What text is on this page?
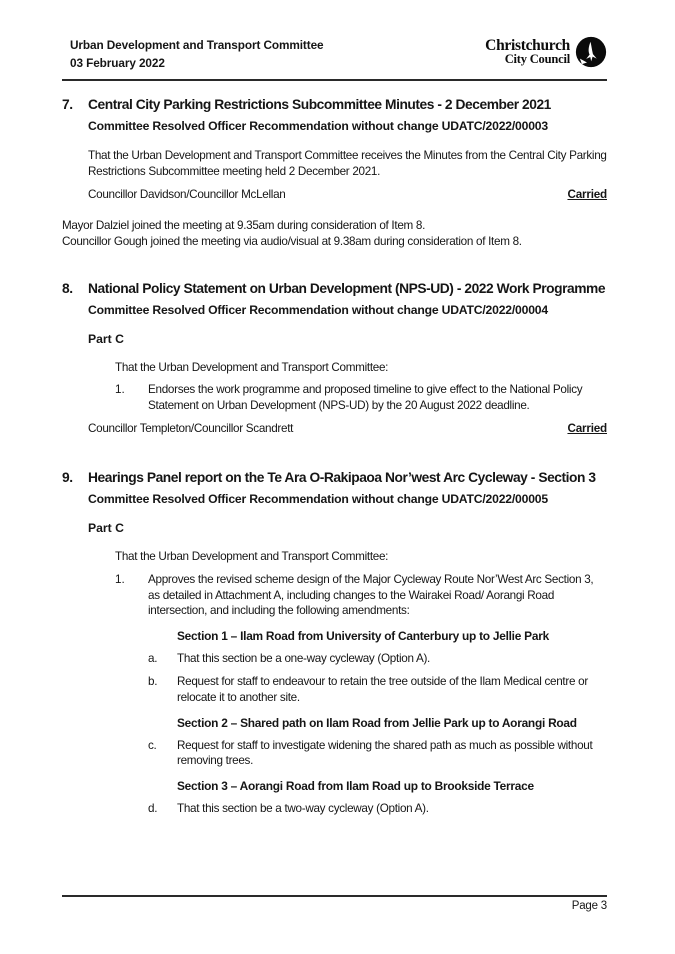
Urban Development and Transport Committee
03 February 2022
Christchurch
City Council
7.	Central City Parking Restrictions Subcommittee Minutes - 2 December 2021
Committee Resolved Officer Recommendation without change UDATC/2022/00003

That the Urban Development and Transport Committee receives the Minutes from the Central City Parking Restrictions Subcommittee meeting held 2 December 2021.

Councillor Davidson/Councillor McLellan	Carried
Mayor Dalziel joined the meeting at 9.35am during consideration of Item 8.
Councillor Gough joined the meeting via audio/visual at 9.38am during consideration of Item 8.
8.	National Policy Statement on Urban Development (NPS-UD) - 2022 Work Programme
Committee Resolved Officer Recommendation without change UDATC/2022/00004
Part C

That the Urban Development and Transport Committee:

1.	Endorses the work programme and proposed timeline to give effect to the National Policy Statement on Urban Development (NPS-UD) by the 20 August 2022 deadline.
Councillor Templeton/Councillor Scandrett	Carried
9.	Hearings Panel report on the Te Ara O-Rakipaoa Nor’west Arc Cycleway - Section 3
Committee Resolved Officer Recommendation without change UDATC/2022/00005
Part C

That the Urban Development and Transport Committee:

1.	Approves the revised scheme design of the Major Cycleway Route Nor’West Arc Section 3, as detailed in Attachment A, including changes to the Wairakei Road/ Aorangi Road intersection, and including the following amendments:
Section 1 – Ilam Road from University of Canterbury up to Jellie Park
a.	That this section be a one-way cycleway (Option A).
b.	Request for staff to endeavour to retain the tree outside of the Ilam Medical centre or relocate it to another site.
Section 2 – Shared path on Ilam Road from Jellie Park up to Aorangi Road
c.	Request for staff to investigate widening the shared path as much as possible without removing trees.
Section 3 – Aorangi Road from Ilam Road up to Brookside Terrace
d.	That this section be a two-way cycleway (Option A).
Page 3
